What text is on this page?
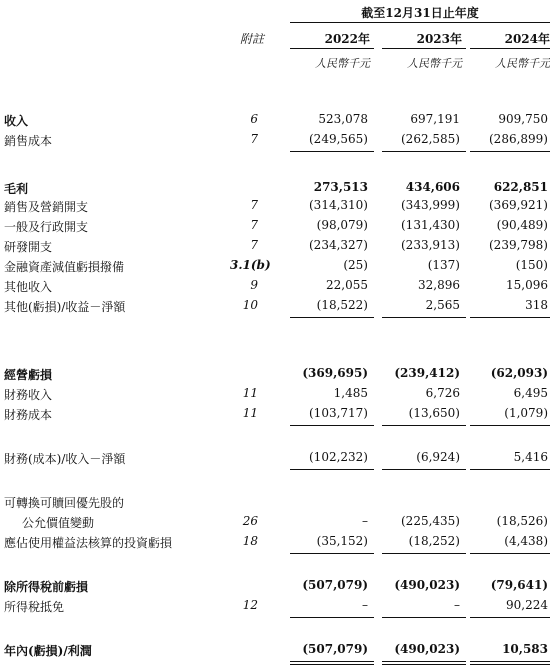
截至12月31日止年度
附註	2022年	2023年	2024年
人民幣千元	人民幣千元	人民幣千元
收入	6	523,078	697,191	909,750
銷售成本	7	(249,565)	(262,585)	(286,899)
毛利	273,513	434,606	622,851
銷售及營銷開支	7	(314,310)	(343,999)	(369,921)
一般及行政開支	7	(98,079)	(131,430)	(90,489)
研發開支	7	(234,327)	(233,913)	(239,798)
金融資產減值虧損撥備	3.1(b)	(25)	(137)	(150)
其他收入	9	22,055	32,896	15,096
其他(虧損)/收益－淨額	10	(18,522)	2,565	318
經營虧損	(369,695)	(239,412)	(62,093)
財務收入	11	1,485	6,726	6,495
財務成本	11	(103,717)	(13,650)	(1,079)
財務(成本)/收入－淨額	(102,232)	(6,924)	5,416
可轉換可贖回優先股的
公允價值變動	26	–	(225,435)	(18,526)
應佔使用權益法核算的投資虧損	18	(35,152)	(18,252)	(4,438)
除所得稅前虧損	(507,079)	(490,023)	(79,641)
所得稅抵免	12	–	–	90,224
年內(虧損)/利潤	(507,079)	(490,023)	10,583
